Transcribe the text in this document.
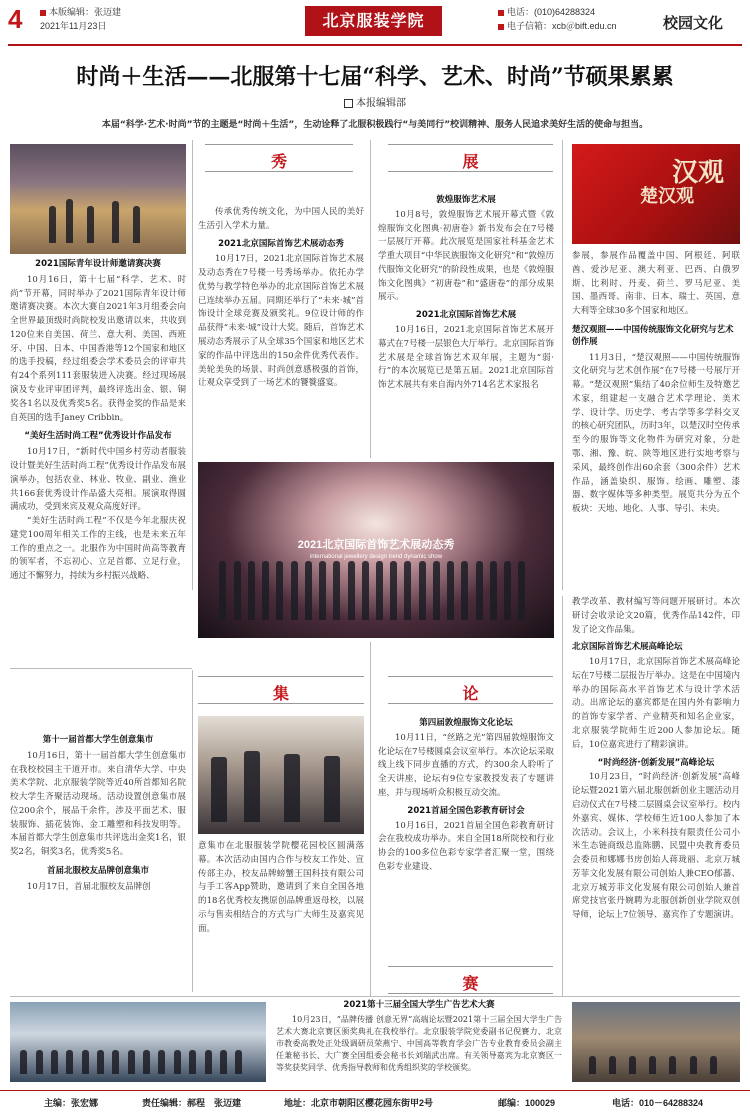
4	本版编辑：张迈建
2021年11月23日	北京服装学院	电话：(010)64288324
电子信箱：xcb＠bift.edu.cn	校园文化
时尚＋生活——北服第十七届“科学、艺术、时尚”节硕果累累
本报编辑部
本届“科学·艺术·时尚”节的主题是“时尚＋生活”，生动诠释了北服积极践行“与美同行”校训精神、服务人民追求美好生活的使命与担当。
2021国际青年设计师邀请赛决赛
10月16日，第十七届“科学、艺术、时尚”节开幕，同时举办了2021国际青年设计师邀请赛决赛。本次大赛自2021年3月组委会向全世界最顶级时尚院校发出邀请以来，共收到120位来自美国、荷兰、意大利、美国、西班牙、中国、日本、中国香港等12个国家和地区的选手投稿，经过组委会学术委员会的评审共有24个系列111套服装进入决赛。经过现场展演及专业评审团评判，最终评选出金、银、铜奖各1名以及优秀奖5名。获得金奖的作品是来自英国的选手Janey Cribbin。
“美好生活时尚工程”优秀设计作品发布
10月17日，“新时代中国乡村劳动者服装设计暨美好生活时尚工程”优秀设计作品发布展演举办，包括农业、林业、牧业、副业、渔业共166套优秀设计作品盛大亮相。展演取得圆满成功，受到来宾及观众高度好评。
“美好生活时尚工程”不仅是今年北服庆祝建党100周年相关工作的主线，也是未来五年工作的重点之一。北服作为中国时尚高等教育的领军者，不忘初心、立足首都、立足行业，通过不懈努力，持续为乡村振兴战略、
第十一届首都大学生创意集市
10月16日，第十一届首都大学生创意集市在我校校园主干道开市。来自清华大学、中央美术学院、北京服装学院等近40所首都知名院校大学生齐聚活动现场。活动设置创意集市展位200余个，展品千余件，涉及平面艺术、服装服饰、插花装饰、金工雕塑和科技发明等。本届首都大学生创意集市共评选出金奖1名，银奖2名，铜奖3名，优秀奖5名。
首届北服校友品牌创意集市
10月17日，首届北服校友品牌创
秀
传承优秀传统文化，为中国人民的美好生活引入学术力量。
2021北京国际首饰艺术展动态秀
10月17日，2021北京国际首饰艺术展及动态秀在7号楼一号秀场举办。依托办学优势与教学特色举办的北京国际首饰艺术展已连续举办五届。同期还举行了“未来·城”首饰设计全球竞赛及颁奖礼。9位设计师的作品获得“未来·城”设计大奖。随后，首饰艺术展动态秀展示了从全球35个国家和地区艺术家的作品中评选出的150余件优秀代表作。美轮美奂的场景、时尚创意感极强的首饰，让观众享受到了一场艺术的饕餮盛宴。
展
敦煌服饰艺术展
10月8号，敦煌服饰艺术展开幕式暨《敦煌服饰文化图典·初唐卷》新书发布会在7号楼一层展厅开幕。此次展览是国家社科基金艺术学重大项目“中华民族服饰文化研究”和“敦煌历代服饰文化研究”的阶段性成果，也是《敦煌服饰文化图典》“初唐卷”和“盛唐卷”的部分成果展示。
2021北京国际首饰艺术展
10月16日，2021北京国际首饰艺术展开幕式在7号楼一层银色大厅举行。北京国际首饰艺术展是全球首饰艺术双年展，主题为“弱·行”的本次展览已是第五届。2021北京国际首饰艺术展共有来自海内外714名艺术家报名
汉观
楚汉观
参展，参展作品覆盖中国、阿根廷、阿联酋、爱沙尼亚、澳大利亚、巴西、白俄罗斯、比利时、丹麦、荷兰、罗马尼亚、美国、墨西哥、南非、日本、瑞士、英国、意大利等全球30多个国家和地区。
楚汉观照——中国传统服饰文化研究与艺术创作展
11月3日，“楚汉观照——中国传统服饰文化研究与艺术创作展”在7号楼一号展厅开幕。“楚汉观照”集结了40余位师生及特邀艺术家，组建起一支融合艺术学理论、美术学、设计学、历史学、考古学等多学科交叉的核心研究团队，历时3年，以楚汉时空传承至今的服饰等文化物件为研究对象，分赴鄂、湘、豫、皖、陕等地区进行实地考察与采风，最终创作出60余套（300余件）艺术作品，涵盖染织、服饰、绘画、雕塑、漆器、数字媒体等多种类型。展览共分为五个板块：天地、地化、人事、导引、未央。
2021北京国际首饰艺术展动态秀
international jewellery design trend dynamic show
集
意集市在北服服装学院樱花园校区圆满落幕。本次活动由国内合作与校友工作处、宣传部主办，校友品牌螃蟹王国科技有限公司与手工客App赞助，邀请到了来自全国各地的18名优秀校友携原创品牌重返母校，以展示与售卖相结合的方式与广大师生及嘉宾见面。
论
第四届敦煌服饰文化论坛
10月11日，“丝路之光”第四届敦煌服饰文化论坛在7号楼圆桌会议室举行。本次论坛采取线上线下同步直播的方式，约300余人聆听了全天讲座，论坛有9位专家教授发表了专题讲座，并与现场听众积极互动交流。
2021首届全国色彩教育研讨会
10月16日，2021首届全国色彩教育研讨会在我校成功举办。来自全国18所院校和行业协会的100多位色彩专家学者汇聚一堂，围绕色彩专业建设、
教学改革、教材编写等问题开展研讨。本次研讨会收录论文20篇，优秀作品142件，印发了论文作品集。
北京国际首饰艺术展高峰论坛
10月17日，北京国际首饰艺术展高峰论坛在7号楼二层报告厅举办。这是在中国境内举办的国际高水平首饰艺术与设计学术活动。出席论坛的嘉宾都是在国内外有影响力的首饰专家学者、产业精英和知名企业家，北京服装学院师生近200人参加论坛。随后，10位嘉宾进行了精彩演讲。
“时尚经济·创新发展”高峰论坛
10月23日，“时尚经济·创新发展”高峰论坛暨2021第六届北服创新创业主题活动月启动仪式在7号楼二层圆桌会议室举行。校内外嘉宾、媒体、学校师生近100人参加了本次活动。会议上，小米科技有限责任公司小米生态链商级总监陈鹏、民盟中央教育委员会委员和娜娜书房创始人蒋珑丽、北京万城芳菲文化发展有限公司创始人兼CEO郁蕃、北京万城芳菲文化发展有限公司创始人兼首席党技官张丹婉聘为北服创新创业学院双创导师，论坛上7位领导、嘉宾作了专题演讲。
赛
2021第十三届全国大学生广告艺术大赛
10月23日，“品牌传播 创意无界”高端论坛暨2021第十三届全国大学生广告艺术大赛北京赛区颁奖典礼在我校举行。北京服装学院党委副书记倪賽力、北京市教委高教处正处级调研员荣燕宁、中国高等教育学会广告专业教育委员会副主任兼秘书长、大广赛全国组委会秘书长刘瑞武出席。有关领导嘉宾为北京赛区一等奖获奖同学、优秀指导教师和优秀组织奖的学校颁奖。
主编：张宏娜	责任编辑：郝程　张迈建	地址：北京市朝阳区樱花园东街甲2号	邮编：100029	电话：010－64288324
